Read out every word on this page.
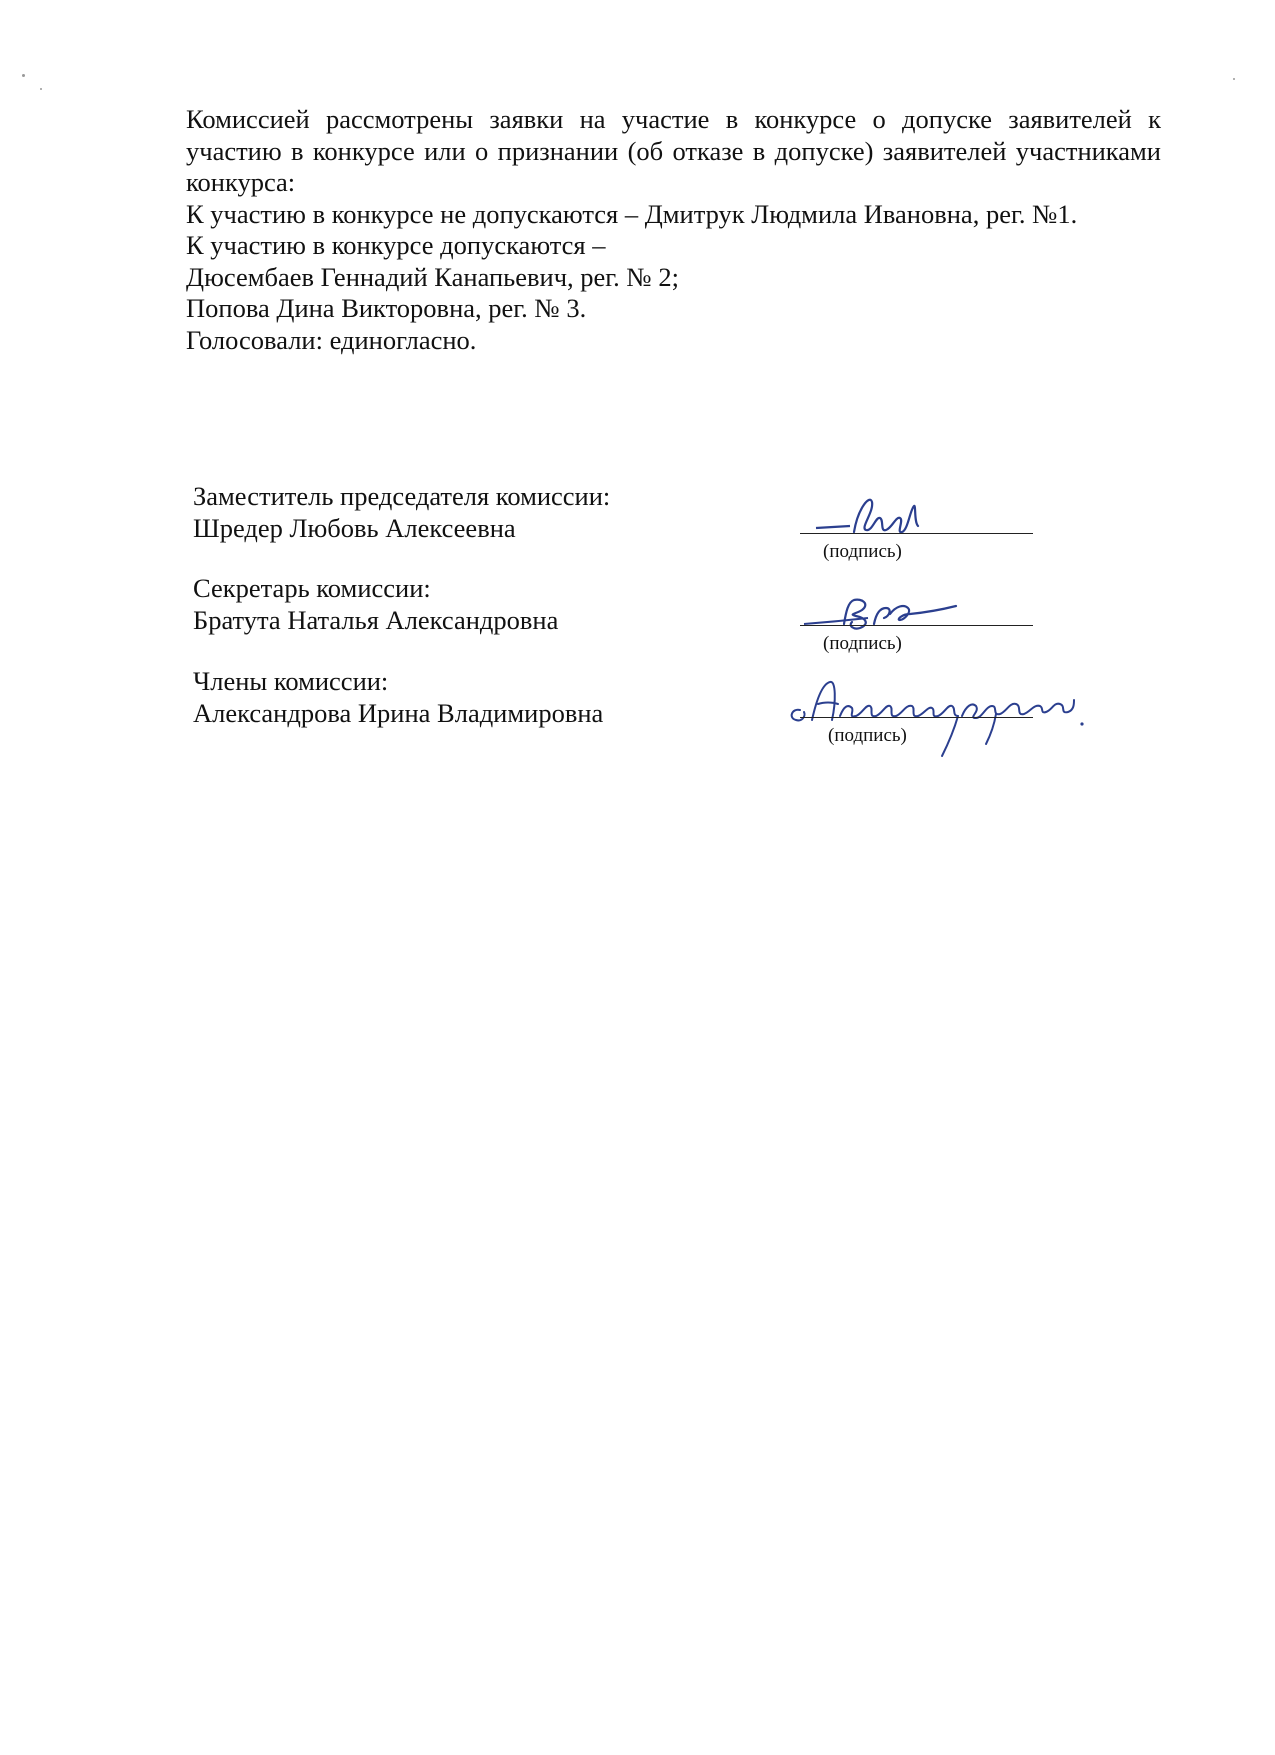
Комиссией рассмотрены заявки на участие в конкурсе о допуске заявителей к участию в конкурсе или о признании (об отказе в допуске) заявителей участниками конкурса:

К участию в конкурсе не допускаются – Дмитрук Людмила Ивановна, рег. №1.

К участию в конкурсе допускаются –

Дюсембаев Геннадий Канапьевич, рег. № 2;

Попова Дина Викторовна, рег. № 3.

Голосовали: единогласно.

Заместитель председателя комиссии:
Шредер Любовь Алексеевна
(подпись)
Секретарь комиссии:
Братута Наталья Александровна
(подпись)
Члены комиссии:
Александрова Ирина Владимировна
(подпись)
